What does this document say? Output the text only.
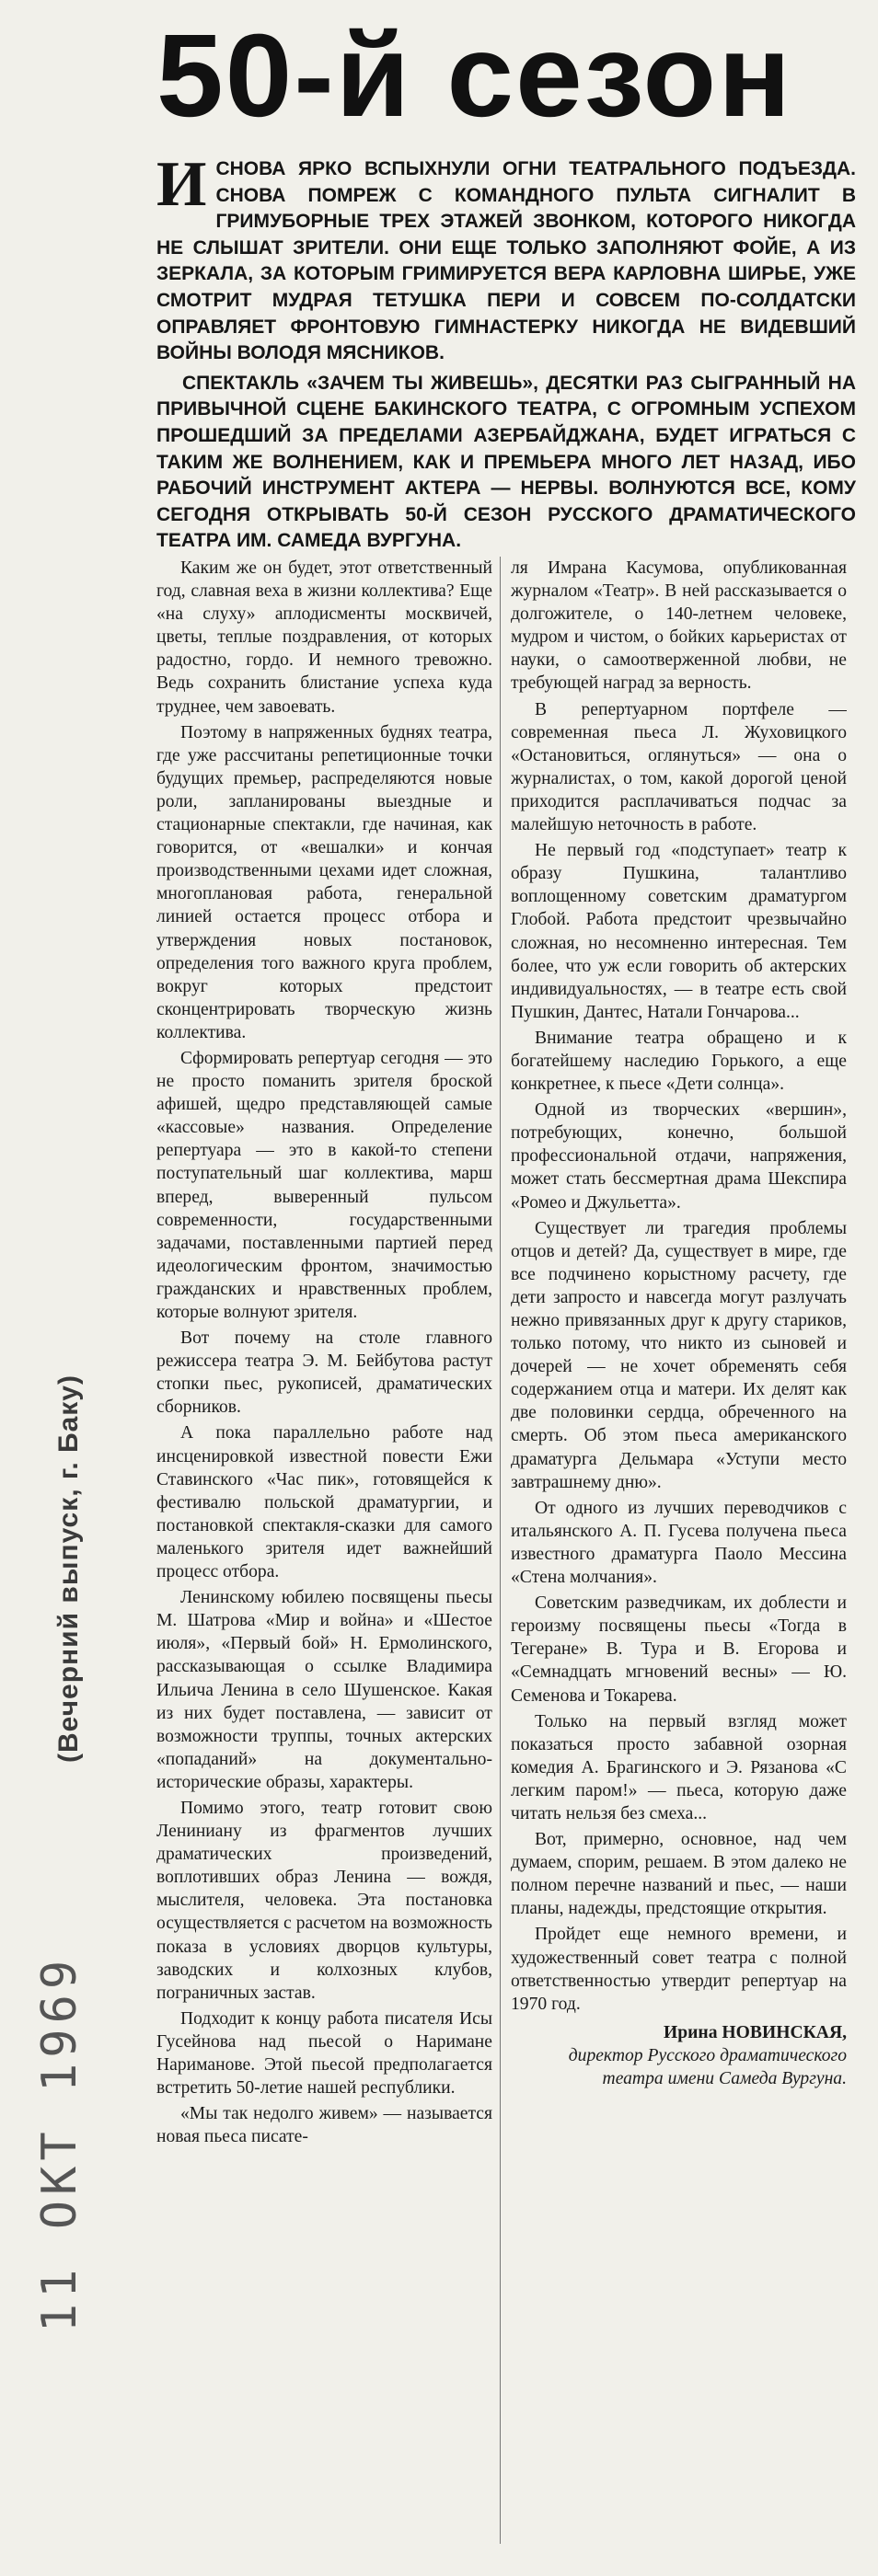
50-й сезон

ИСНОВА ЯРКО ВСПЫХНУЛИ ОГНИ ТЕАТРАЛЬНОГО ПОДЪЕЗДА. СНОВА ПОМРЕЖ С КОМАНДНОГО ПУЛЬТА СИГНАЛИТ В ГРИМУБОРНЫЕ ТРЕХ ЭТАЖЕЙ ЗВОНКОМ, КОТОРОГО НИКОГДА НЕ СЛЫШАТ ЗРИТЕЛИ. ОНИ ЕЩЕ ТОЛЬКО ЗАПОЛНЯЮТ ФОЙЕ, А ИЗ ЗЕРКАЛА, ЗА КОТОРЫМ ГРИМИРУЕТСЯ ВЕРА КАРЛОВНА ШИРЬЕ, УЖЕ СМОТРИТ МУДРАЯ ТЕТУШКА ПЕРИ И СОВСЕМ ПО-СОЛДАТСКИ ОПРАВЛЯЕТ ФРОНТОВУЮ ГИМНАСТЕРКУ НИКОГДА НЕ ВИДЕВШИЙ ВОЙНЫ ВОЛОДЯ МЯСНИКОВ.

СПЕКТАКЛЬ «ЗАЧЕМ ТЫ ЖИВЕШЬ», ДЕСЯТКИ РАЗ СЫГРАННЫЙ НА ПРИВЫЧНОЙ СЦЕНЕ БАКИНСКОГО ТЕАТРА, С ОГРОМНЫМ УСПЕХОМ ПРОШЕДШИЙ ЗА ПРЕДЕЛАМИ АЗЕРБАЙДЖАНА, БУДЕТ ИГРАТЬСЯ С ТАКИМ ЖЕ ВОЛНЕНИЕМ, КАК И ПРЕМЬЕРА МНОГО ЛЕТ НАЗАД, ИБО РАБОЧИЙ ИНСТРУМЕНТ АКТЕРА — НЕРВЫ. ВОЛНУЮТСЯ ВСЕ, КОМУ СЕГОДНЯ ОТКРЫВАТЬ 50-Й СЕЗОН РУССКОГО ДРАМАТИЧЕСКОГО ТЕАТРА ИМ. САМЕДА ВУРГУНА.

Каким же он будет, этот ответственный год, славная веха в жизни коллектива? Еще «на слуху» аплодисменты москвичей, цветы, теплые поздравления, от которых радостно, гордо. И немного тревожно. Ведь сохранить блистание успеха куда труднее, чем завоевать.

Поэтому в напряженных буднях театра, где уже рассчитаны репетиционные точки будущих премьер, распределяются новые роли, запланированы выездные и стационарные спектакли, где начиная, как говорится, от «вешалки» и кончая производственными цехами идет сложная, многоплановая работа, генеральной линией остается процесс отбора и утверждения новых постановок, определения того важного круга проблем, вокруг которых предстоит сконцентрировать творческую жизнь коллектива.

Сформировать репертуар сегодня — это не просто поманить зрителя броской афишей, щедро представляющей самые «кассовые» названия. Определение репертуара — это в какой-то степени поступательный шаг коллектива, марш вперед, выверенный пульсом современности, государственными задачами, поставленными партией перед идеологическим фронтом, значимостью гражданских и нравственных проблем, которые волнуют зрителя.

Вот почему на столе главного режиссера театра Э. М. Бейбутова растут стопки пьес, рукописей, драматических сборников.

А пока параллельно работе над инсценировкой известной повести Ежи Ставинского «Час пик», готовящейся к фестивалю польской драматургии, и постановкой спектакля-сказки для самого маленького зрителя идет важнейший процесс отбора.

Ленинскому юбилею посвящены пьесы М. Шатрова «Мир и война» и «Шестое июля», «Первый бой» Н. Ермолинского, рассказывающая о ссылке Владимира Ильича Ленина в село Шушенское. Какая из них будет поставлена, — зависит от возможности труппы, точных актерских «попаданий» на документально-исторические образы, характеры.

Помимо этого, театр готовит свою Лениниану из фрагментов лучших драматических произведений, воплотивших образ Ленина — вождя, мыслителя, человека. Эта постановка осуществляется с расчетом на возможность показа в условиях дворцов культуры, заводских и колхозных клубов, пограничных застав.

Подходит к концу работа писателя Исы Гусейнова над пьесой о Наримане Нариманове. Этой пьесой предполагается встретить 50-летие нашей республики.

«Мы так недолго живем» — называется новая пьеса писате-

ля Имрана Касумова, опубликованная журналом «Театр». В ней рассказывается о долгожителе, о 140-летнем человеке, мудром и чистом, о бойких карьеристах от науки, о самоотверженной любви, не требующей наград за верность.

В репертуарном портфеле — современная пьеса Л. Жуховицкого «Остановиться, оглянуться» — она о журналистах, о том, какой дорогой ценой приходится расплачиваться подчас за малейшую неточность в работе.

Не первый год «подступает» театр к образу Пушкина, талантливо воплощенному советским драматургом Глобой. Работа предстоит чрезвычайно сложная, но несомненно интересная. Тем более, что уж если говорить об актерских индивидуальностях, — в театре есть свой Пушкин, Дантес, Натали Гончарова...

Внимание театра обращено и к богатейшему наследию Горького, а еще конкретнее, к пьесе «Дети солнца».

Одной из творческих «вершин», потребующих, конечно, большой профессиональной отдачи, напряжения, может стать бессмертная драма Шекспира «Ромео и Джульетта».

Существует ли трагедия проблемы отцов и детей? Да, существует в мире, где все подчинено корыстному расчету, где дети запросто и навсегда могут разлучать нежно привязанных друг к другу стариков, только потому, что никто из сыновей и дочерей — не хочет обременять себя содержанием отца и матери. Их делят как две половинки сердца, обреченного на смерть. Об этом пьеса американского драматурга Дельмара «Уступи место завтрашнему дню».

От одного из лучших переводчиков с итальянского А. П. Гусева получена пьеса известного драматурга Паоло Мессина «Стена молчания».

Советским разведчикам, их доблести и героизму посвящены пьесы «Тогда в Тегеране» В. Тура и В. Егорова и «Семнадцать мгновений весны» — Ю. Семенова и Токарева.

Только на первый взгляд может показаться просто забавной озорная комедия А. Брагинского и Э. Рязанова «С легким паром!» — пьеса, которую даже читать нельзя без смеха...

Вот, примерно, основное, над чем думаем, спорим, решаем. В этом далеко не полном перечне названий и пьес, — наши планы, надежды, предстоящие открытия.

Пройдет еще немного времени, и художественный совет театра с полной ответственностью утвердит репертуар на 1970 год.

Ирина НОВИНСКАЯ,
директор Русского драматического театра имени Самеда Вургуна.
(Вечерний выпуск, г. Баку)
11 ОКТ 1969
